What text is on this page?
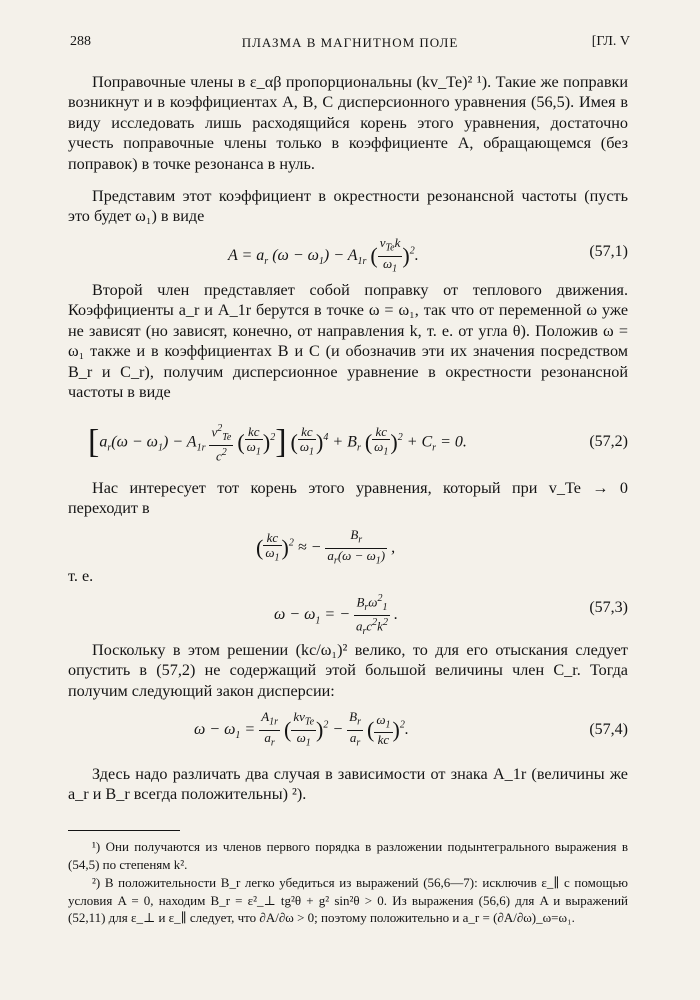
288	ПЛАЗМА В МАГНИТНОМ ПОЛЕ	[ГЛ. V
Поправочные члены в ε_αβ пропорциональны (kv_Te)² ¹). Такие же поправки возникнут и в коэффициентах A, B, C дисперсионного уравнения (56,5). Имея в виду исследовать лишь расходящийся корень этого уравнения, достаточно учесть поправочные члены только в коэффициенте A, обращающемся (без поправок) в точке резонанса в нуль.
Представим этот коэффициент в окрестности резонансной частоты (пусть это будет ω₁) в виде
$A = a_r$ $(\omega - \omega_1) - A_{1r}$ ( $\frac{v_{Te}k}{\omega_1} )^2$.	(57,1)
Второй член представляет собой поправку от теплового движения. Коэффициенты a_r и A_1r берутся в точке ω = ω₁, так что от переменной ω уже не зависят (но зависят, конечно, от направления k, т. е. от угла θ). Положив ω = ω₁ также и в коэффициентах B и C (и обозначив эти их значения посредством B_r и C_r), получим дисперсионное уравнение в окрестности резонансной частоты в виде
[$a_r(\omega - \omega_1) - A_{1r} \frac{v^2_{Te}}{c^2}$ ( $\frac{kc}{\omega_1} )^2$] ( $\frac{kc}{\omega_1} )^4 + B_r$ ( $\frac{kc}{\omega_1} )^2 + C_r = 0$.	(57,2)
Нас интересует тот корень этого уравнения, который при v_Te → 0 переходит в
( $\frac{kc}{\omega_1} )^2$ ≈ − $\frac{B_r}{a_r(\omega - \omega_1)}$ ,
т. е.
$\omega - \omega_1$ = − $\frac{B_r\omega^2_1}{a_rc^2k^2}$ .	(57,3)
Поскольку в этом решении (kc/ω₁)² велико, то для его отыскания следует опустить в (57,2) не содержащий этой большой величины член C_r. Тогда получим следующий закон дисперсии:
$\omega - \omega_1 = \frac{A_{1r}}{a_r}$ ( $\frac{kv_{Te}}{\omega_1} )^2 - \frac{B_r}{a_r}$ ( $\frac{\omega_1}{kc} )^2$.	(57,4)
Здесь надо различать два случая в зависимости от знака A_1r (величины же a_r и B_r всегда положительны) ²).
¹) Они получаются из членов первого порядка в разложении подынтегрального выражения в (54,5) по степеням k².
²) В положительности B_r легко убедиться из выражений (56,6—7): исключив ε_∥ с помощью условия A = 0, находим B_r = ε²_⊥ tg²θ + g² sin²θ > 0. Из выражения (56,6) для A и выражений (52,11) для ε_⊥ и ε_∥ следует, что ∂A/∂ω > 0; поэтому положительно и a_r = (∂A/∂ω)_ω=ω₁.
